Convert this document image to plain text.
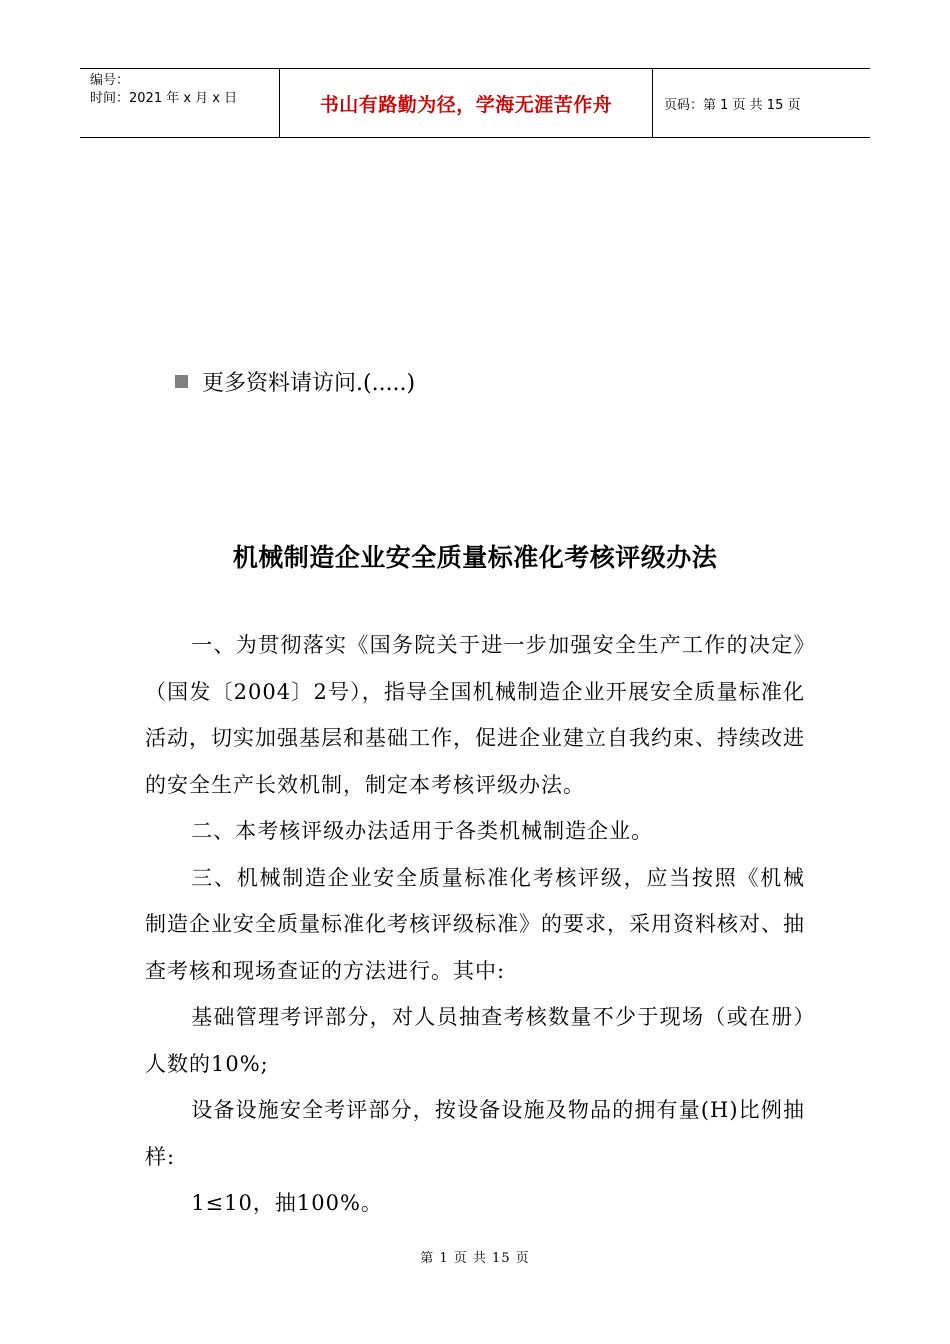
编号：
时间：2021 年 x 月 x 日	书山有路勤为径，学海无涯苦作舟	页码：第 1 页 共 15 页
更多资料请访问.(.....)
机械制造企业安全质量标准化考核评级办法

一、为贯彻落实《国务院关于进一步加强安全生产工作的决定》（国发〔2004〕2号），指导全国机械制造企业开展安全质量标准化活动，切实加强基层和基础工作，促进企业建立自我约束、持续改进的安全生产长效机制，制定本考核评级办法。

二、本考核评级办法适用于各类机械制造企业。

三、机械制造企业安全质量标准化考核评级，应当按照《机械制造企业安全质量标准化考核评级标准》的要求，采用资料核对、抽查考核和现场查证的方法进行。其中:

基础管理考评部分，对人员抽查考核数量不少于现场（或在册）人数的10%;

设备设施安全考评部分，按设备设施及物品的拥有量(H)比例抽样:

1≤10，抽100%。

第 1 页 共 15 页
